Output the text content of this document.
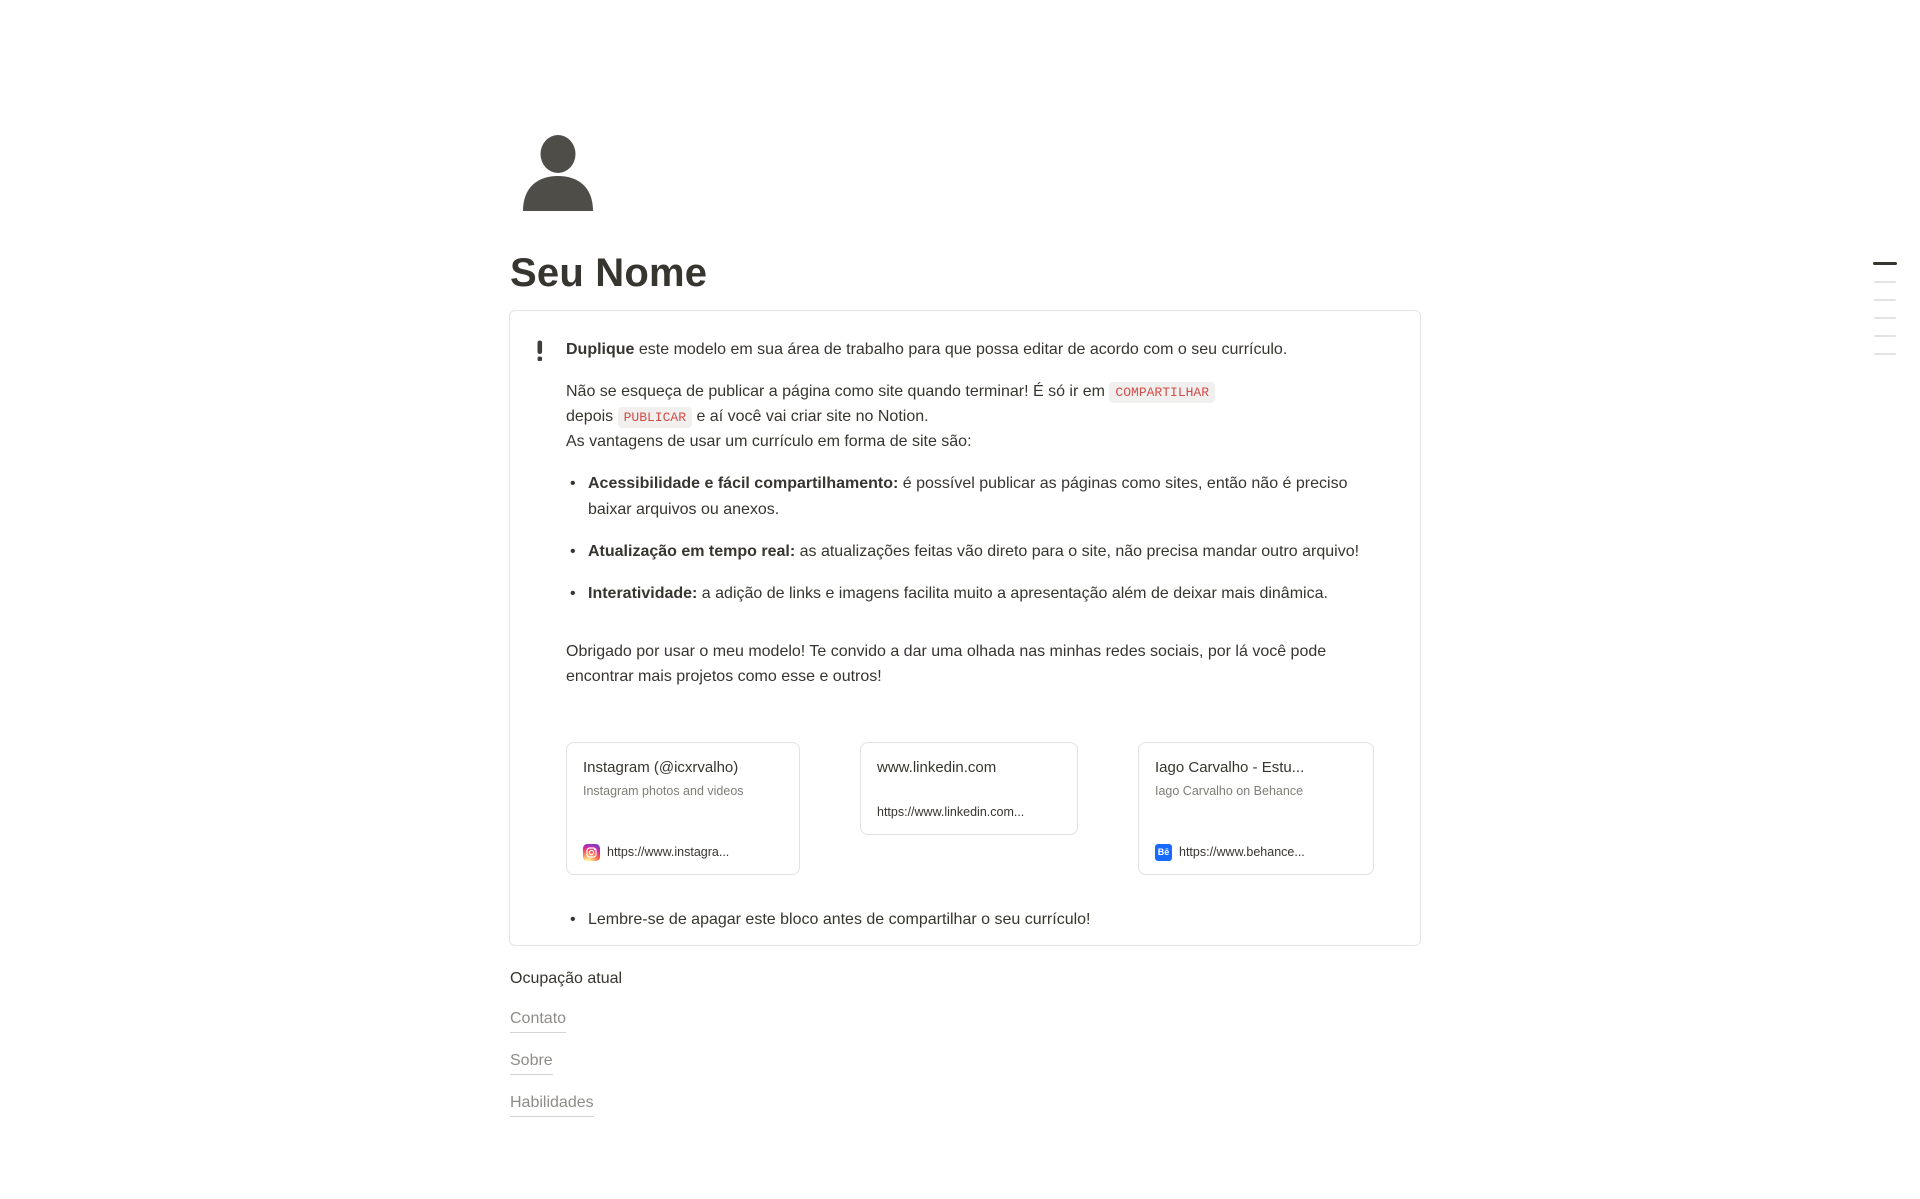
Seu Nome

Duplique este modelo em sua área de trabalho para que possa editar de acordo com o seu currículo.

Não se esqueça de publicar a página como site quando terminar! É só ir em COMPARTILHAR
depois PUBLICAR e aí você vai criar site no Notion.
As vantagens de usar um currículo em forma de site são:

• Acessibilidade e fácil compartilhamento: é possível publicar as páginas como sites, então não é preciso baixar arquivos ou anexos.
• Atualização em tempo real: as atualizações feitas vão direto para o site, não precisa mandar outro arquivo!
• Interatividade: a adição de links e imagens facilita muito a apresentação além de deixar mais dinâmica.

Obrigado por usar o meu modelo! Te convido a dar uma olhada nas minhas redes sociais, por lá você pode encontrar mais projetos como esse e outros!

Instagram (@icxrvalho)
Instagram photos and videos
https://www.instagra...
www.linkedin.com
https://www.linkedin.com...
Iago Carvalho - Estu...
Iago Carvalho on Behance
Bē https://www.behance...
• Lembre-se de apagar este bloco antes de compartilhar o seu currículo!
Ocupação atual
Contato
Sobre
Habilidades
